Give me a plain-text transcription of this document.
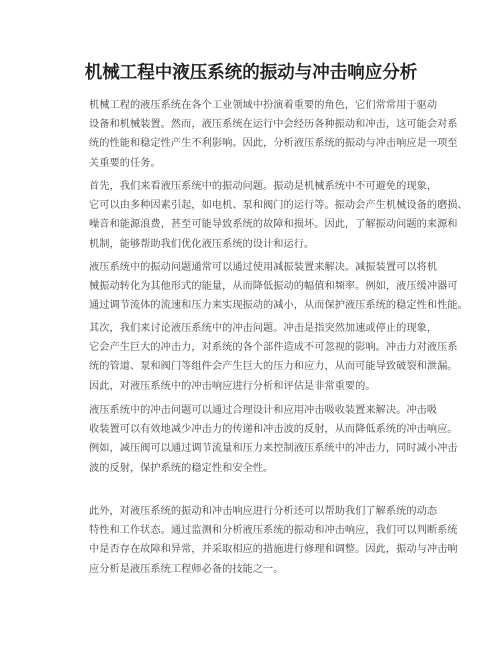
机械工程中液压系统的振动与冲击响应分析
机械工程的液压系统在各个工业领域中扮演着重要的角色，它们常常用于驱动
设备和机械装置。然而，液压系统在运行中会经历各种振动和冲击，这可能会对系
统的性能和稳定性产生不利影响。因此，分析液压系统的振动与冲击响应是一项至
关重要的任务。
首先，我们来看液压系统中的振动问题。振动是机械系统中不可避免的现象，
它可以由多种因素引起，如电机、泵和阀门的运行等。振动会产生机械设备的磨损、
噪音和能源浪费，甚至可能导致系统的故障和损坏。因此，了解振动问题的来源和
机制，能够帮助我们优化液压系统的设计和运行。
液压系统中的振动问题通常可以通过使用减振装置来解决。减振装置可以将机
械振动转化为其他形式的能量，从而降低振动的幅值和频率。例如，液压缓冲器可
通过调节流体的流速和压力来实现振动的减小，从而保护液压系统的稳定性和性能。
其次，我们来讨论液压系统中的冲击问题。冲击是指突然加速或停止的现象，
它会产生巨大的冲击力，对系统的各个部件造成不可忽视的影响。冲击力对液压系
统的管道、泵和阀门等组件会产生巨大的压力和应力，从而可能导致破裂和泄漏。
因此，对液压系统中的冲击响应进行分析和评估是非常重要的。
液压系统中的冲击问题可以通过合理设计和应用冲击吸收装置来解决。冲击吸
收装置可以有效地减少冲击力的传递和冲击波的反射，从而降低系统的冲击响应。
例如，减压阀可以通过调节流量和压力来控制液压系统中的冲击力，同时减小冲击
波的反射，保护系统的稳定性和安全性。
此外，对液压系统的振动和冲击响应进行分析还可以帮助我们了解系统的动态
特性和工作状态。通过监测和分析液压系统的振动和冲击响应，我们可以判断系统
中是否存在故障和异常，并采取相应的措施进行修理和调整。因此，振动与冲击响
应分析是液压系统工程师必备的技能之一。
